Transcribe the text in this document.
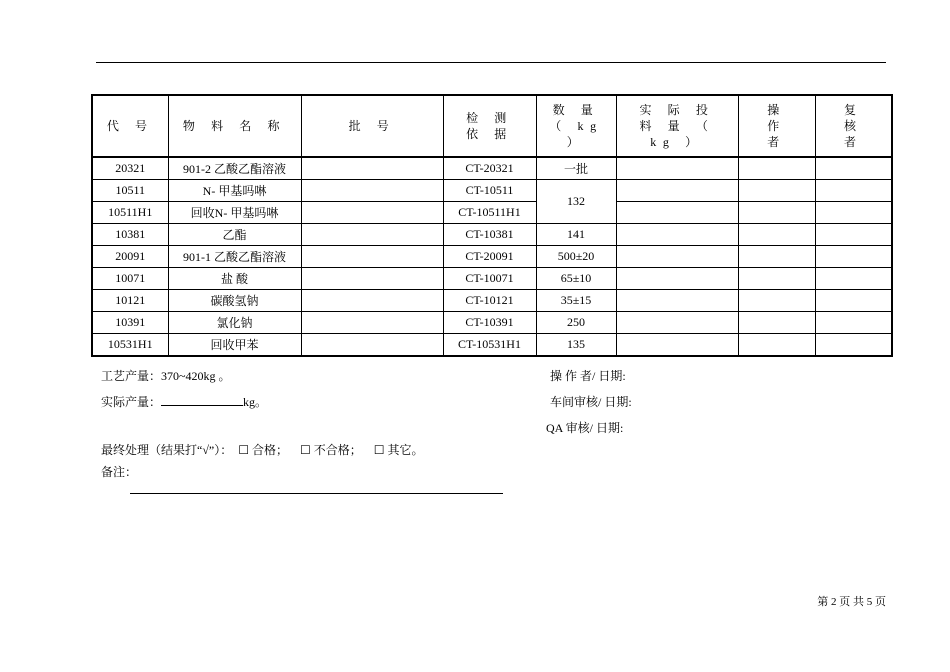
代 号	物 料 名 称	批 号	检 测 依 据	数 量 （ kg ）	实 际 投 料 量 （ kg ）	操 作 者	复 核 者

20321	901-2 乙酸乙酯溶液		CT-20321	一批			
10511	N- 甲基吗啉		CT-10511	132			
10511H1	回收N- 甲基吗啉		CT-10511H1				
10381	乙酯		CT-10381	141			
20091	901-1 乙酸乙酯溶液		CT-20091	500±20			
10071	盐 酸		CT-10071	65±10			
10121	碳酸氢钠		CT-10121	35±15			
10391	氯化钠		CT-10391	250			
10531H1	回收甲苯		CT-10531H1	135			
工艺产量：370~420kg 。
实际产量：	kg。
操 作 者/ 日期:
车间审核/ 日期:
QA 审核/ 日期:
最终处理（结果打“√”）： ☐ 合格； ☐ 不合格； ☐ 其它。
备注：
第 2 页 共 5 页
